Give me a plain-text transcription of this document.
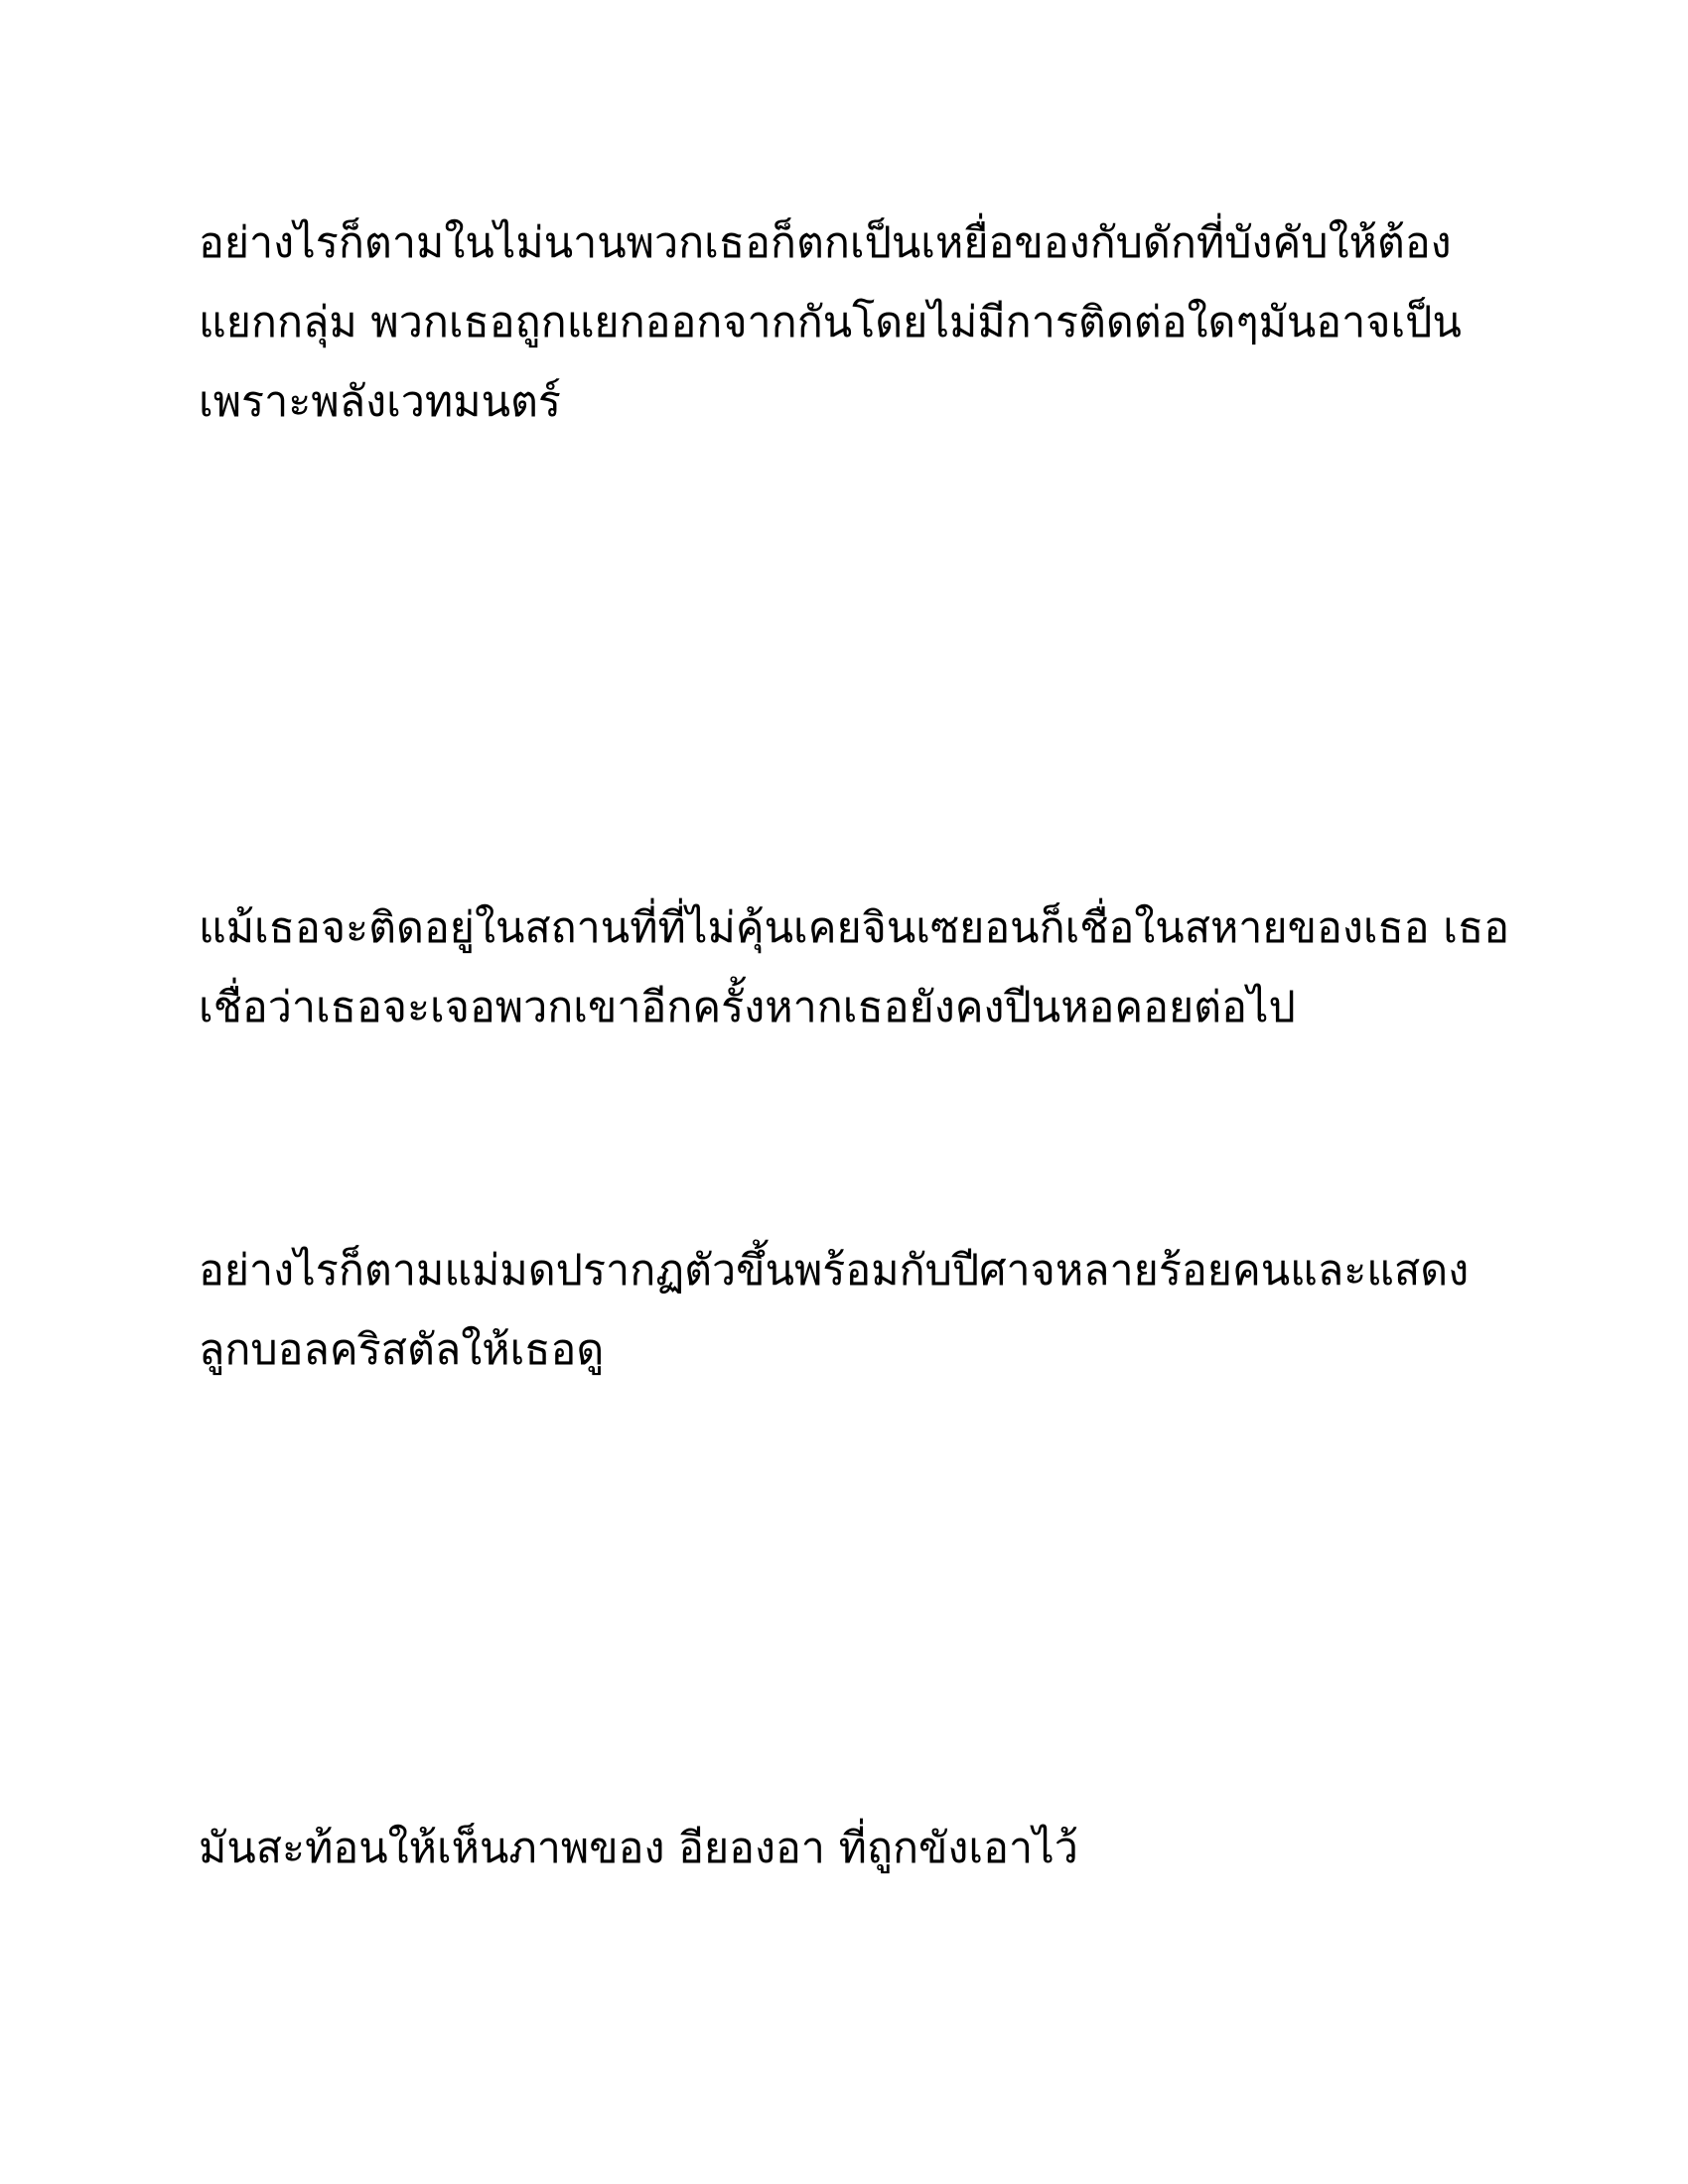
อย่างไรก็ตามในไม่นานพวกเธอก็ตกเป็นเหยื่อของกับดักที่บังคับให้ต้อง
แยกกลุ่ม พวกเธอถูกแยกออกจากกันโดยไม่มีการติดต่อใดๆมันอาจเป็น
เพราะพลังเวทมนตร์

แม้เธอจะติดอยู่ในสถานที่ที่ไม่คุ้นเคยจินเซยอนก็เชื่อในสหายของเธอ เธอ
เชื่อว่าเธอจะเจอพวกเขาอีกครั้งหากเธอยังคงปีนหอคอยต่อไป

อย่างไรก็ตามแม่มดปรากฏตัวขึ้นพร้อมกับปีศาจหลายร้อยคนและแสดง
ลูกบอลคริสตัลให้เธอดู

มันสะท้อนให้เห็นภาพของ อียองอา ที่ถูกขังเอาไว้
